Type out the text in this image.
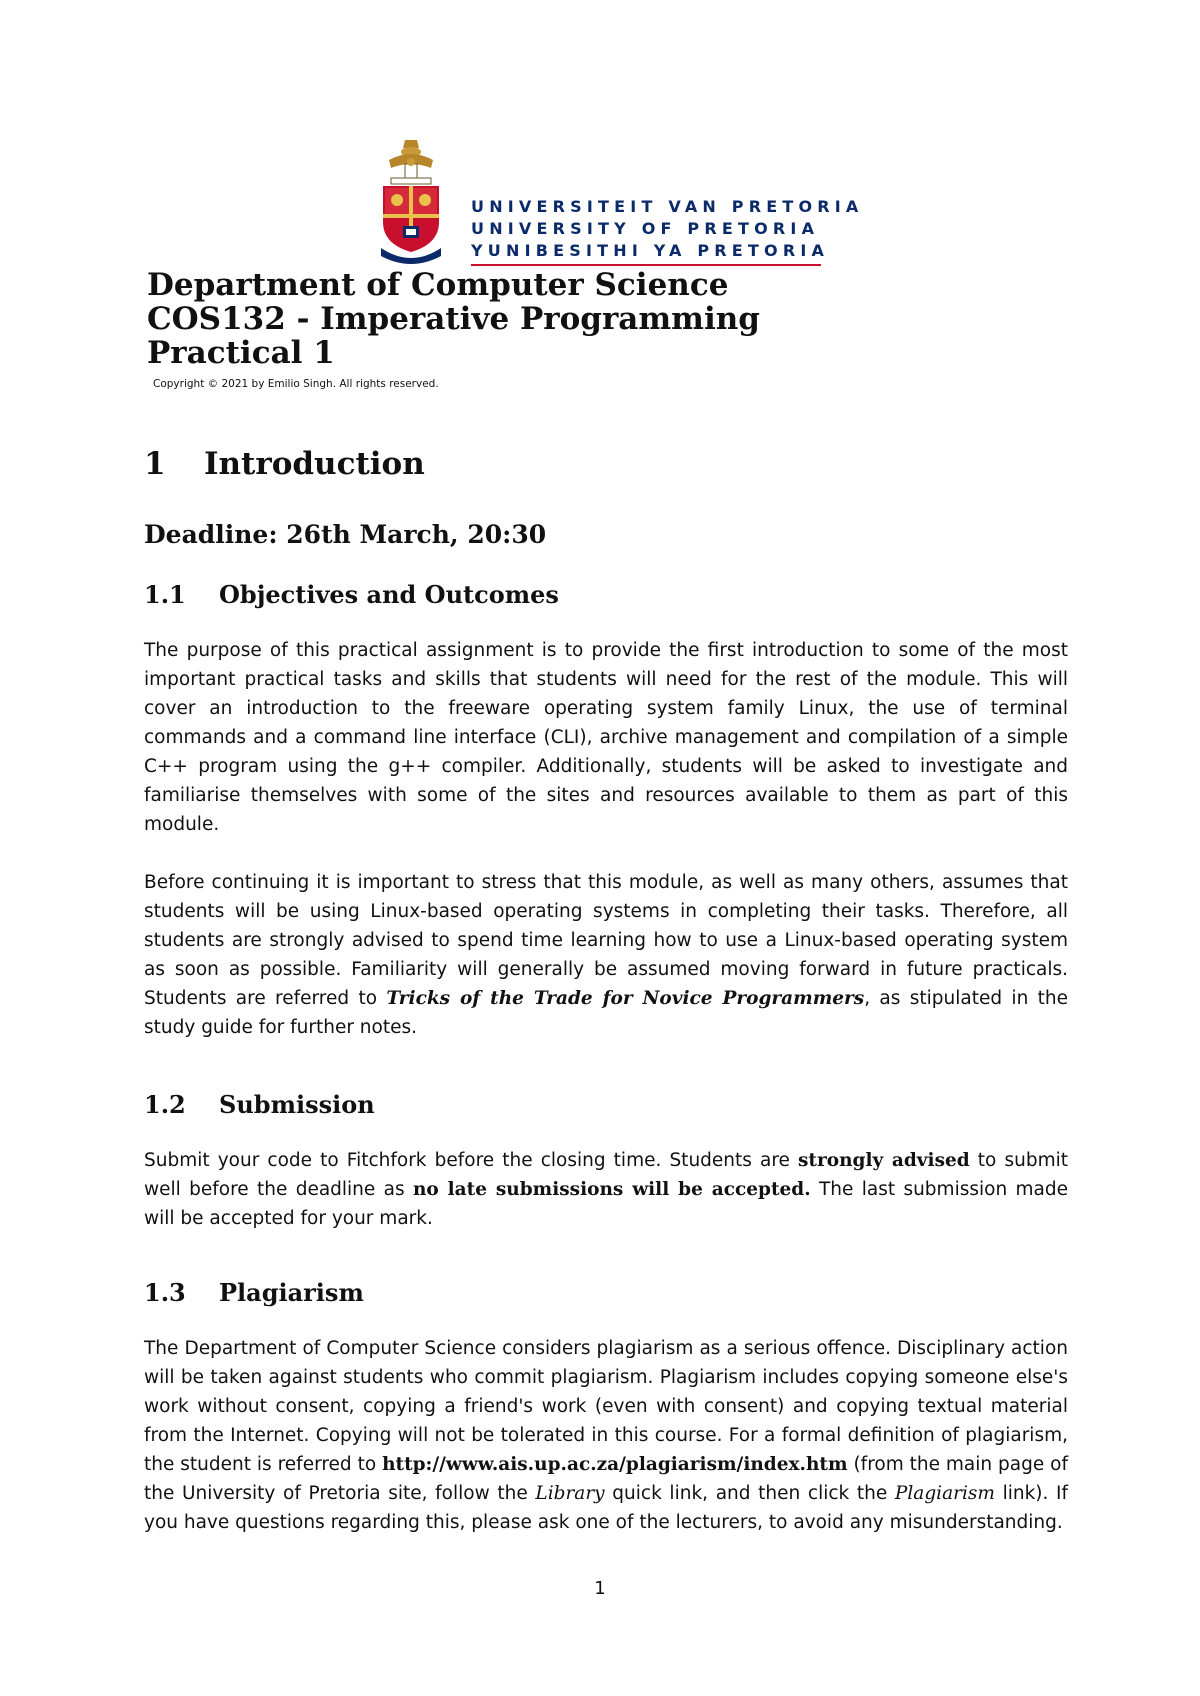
UNIVERSITEIT VAN PRETORIA
UNIVERSITY OF PRETORIA
YUNIBESITHI YA PRETORIA
Department of Computer Science
COS132 - Imperative Programming
Practical 1
Copyright © 2021 by Emilio Singh. All rights reserved.
1 Introduction
Deadline: 26th March, 20:30
1.1 Objectives and Outcomes
The purpose of this practical assignment is to provide the first introduction to some of the most important practical tasks and skills that students will need for the rest of the module. This will cover an introduction to the freeware operating system family Linux, the use of terminal commands and a command line interface (CLI), archive management and compilation of a simple C++ program using the g++ compiler. Additionally, students will be asked to investigate and familiarise themselves with some of the sites and resources available to them as part of this module.
Before continuing it is important to stress that this module, as well as many others, assumes that students will be using Linux-based operating systems in completing their tasks. Therefore, all students are strongly advised to spend time learning how to use a Linux-based operating system as soon as possible. Familiarity will generally be assumed moving forward in future practicals. Students are referred to Tricks of the Trade for Novice Programmers, as stipulated in the study guide for further notes.
1.2 Submission
Submit your code to Fitchfork before the closing time. Students are strongly advised to submit well before the deadline as no late submissions will be accepted. The last submission made will be accepted for your mark.
1.3 Plagiarism
The Department of Computer Science considers plagiarism as a serious offence. Disciplinary action will be taken against students who commit plagiarism. Plagiarism includes copying someone else's work without consent, copying a friend's work (even with consent) and copying textual material from the Internet. Copying will not be tolerated in this course. For a formal definition of plagiarism, the student is referred to http://www.ais.up.ac.za/plagiarism/index.htm (from the main page of the University of Pretoria site, follow the Library quick link, and then click the Plagiarism link). If you have questions regarding this, please ask one of the lecturers, to avoid any misunderstanding.
1
